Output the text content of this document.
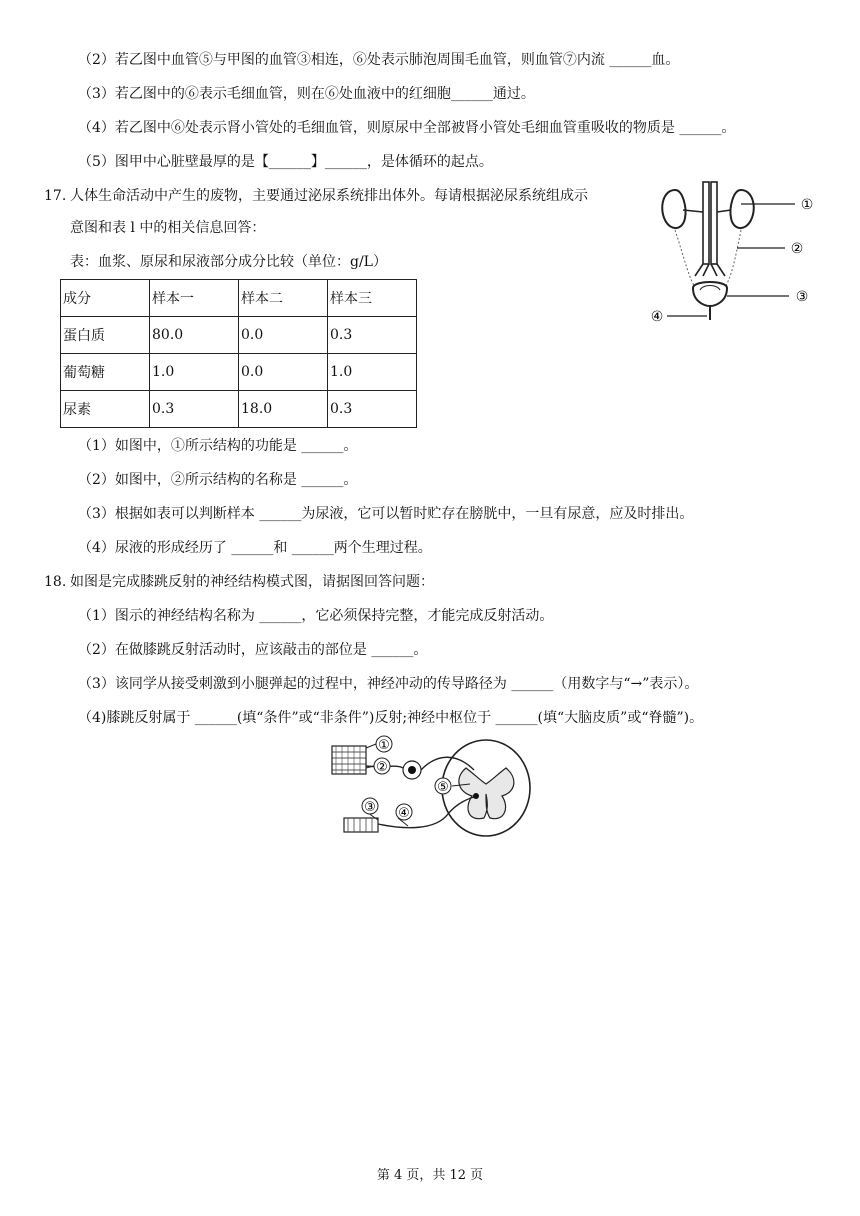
（2）若乙图中血管⑤与甲图的血管③相连，⑥处表示肺泡周围毛血管，则血管⑦内流 ______血。
（3）若乙图中的⑥表示毛细血管，则在⑥处血液中的红细胞______通过。
（4）若乙图中⑥处表示肾小管处的毛细血管，则原尿中全部被肾小管处毛细血管重吸收的物质是 ______。
（5）图甲中心脏壁最厚的是【______】______，是体循环的起点。
17. 人体生命活动中产生的废物，主要通过泌尿系统排出体外。每请根据泌尿系统组成示
意图和表 l 中的相关信息回答：
表：血浆、原尿和尿液部分成分比较（单位：g/L）
成分	样本一	样本二	样本三
蛋白质	80.0	0.0	0.3
葡萄糖	1.0	0.0	1.0
尿素	0.3	18.0	0.3
①
②
③
④
（1）如图中，①所示结构的功能是 ______。
（2）如图中，②所示结构的名称是 ______。
（3）根据如表可以判断样本 ______为尿液，它可以暂时贮存在膀胱中，一旦有尿意，应及时排出。
（4）尿液的形成经历了 ______和 ______两个生理过程。
18. 如图是完成膝跳反射的神经结构模式图，请据图回答问题：
（1）图示的神经结构名称为 ______，它必须保持完整，才能完成反射活动。
（2）在做膝跳反射活动时，应该敲击的部位是 ______。
（3）该同学从接受刺激到小腿弹起的过程中，神经冲动的传导路径为 ______（用数字与“→”表示）。
（4)膝跳反射属于 ______(填“条件”或“非条件”)反射;神经中枢位于 ______(填“大脑皮质”或“脊髓”)。
①
②
③ ④
⑤
第 4 页，共 12 页
